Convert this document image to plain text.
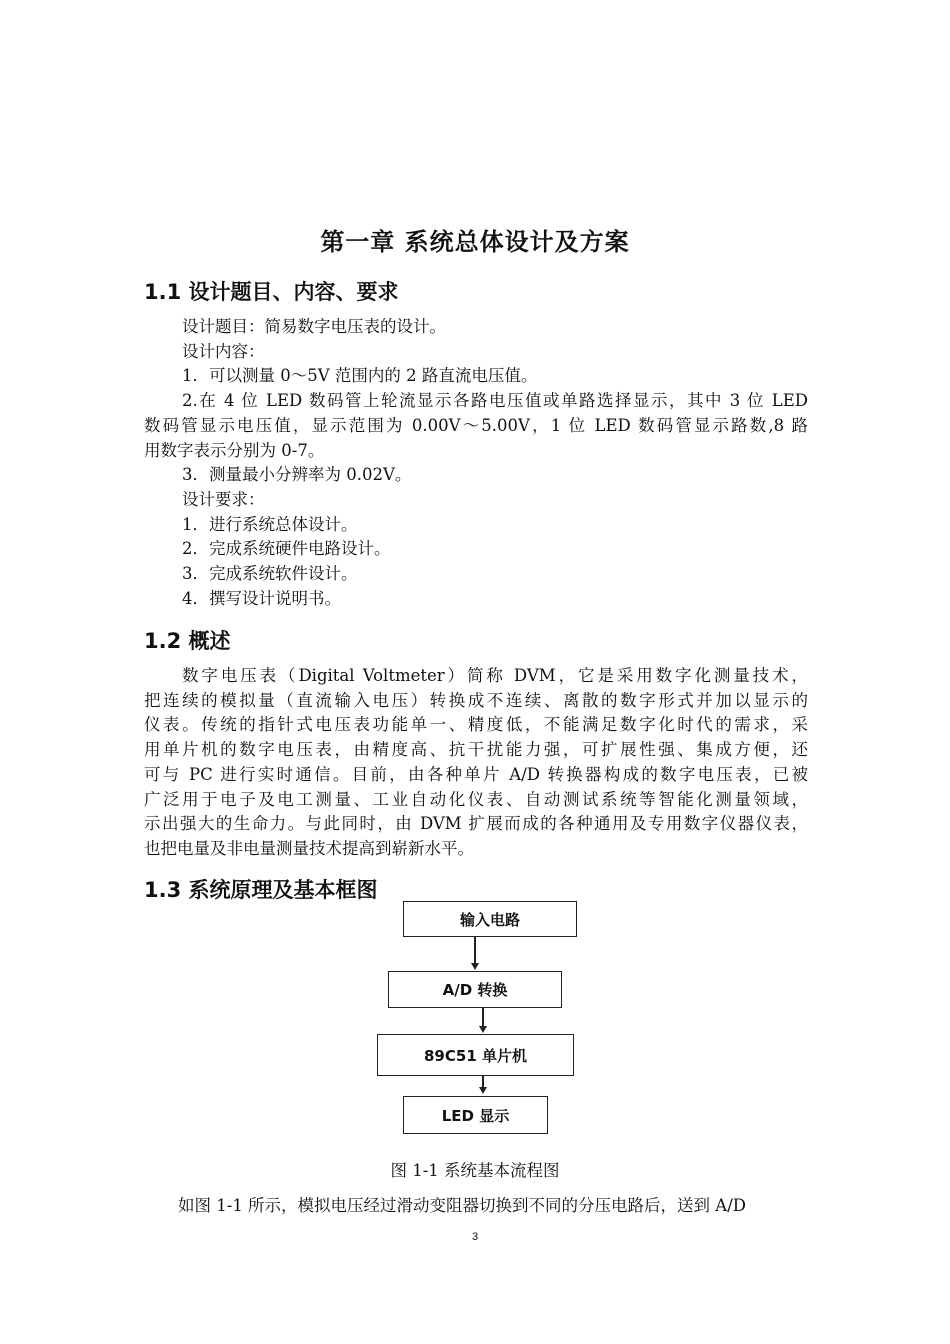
第一章 系统总体设计及方案
1.1 设计题目、内容、要求

设计题目：简易数字电压表的设计。

设计内容：

1．可以测量 0～5V 范围内的 2 路直流电压值。

2.在 4 位 LED 数码管上轮流显示各路电压值或单路选择显示，其中 3 位 LED

数码管显示电压值，显示范围为 0.00V～5.00V，1 位 LED 数码管显示路数,8 路

用数字表示分别为 0-7。

3．测量最小分辨率为 0.02V。

设计要求：

1．进行系统总体设计。

2．完成系统硬件电路设计。

3．完成系统软件设计。

4．撰写设计说明书。

1.2 概述

数字电压表（Digital Voltmeter）简称 DVM，它是采用数字化测量技术，

把连续的模拟量（直流输入电压）转换成不连续、离散的数字形式并加以显示的

仪表。传统的指针式电压表功能单一、精度低，不能满足数字化时代的需求，采

用单片机的数字电压表，由精度高、抗干扰能力强，可扩展性强、集成方便，还

可与 PC 进行实时通信。目前，由各种单片 A/D 转换器构成的数字电压表，已被

广泛用于电子及电工测量、工业自动化仪表、自动测试系统等智能化测量领域，

示出强大的生命力。与此同时，由 DVM 扩展而成的各种通用及专用数字仪器仪表，

也把电量及非电量测量技术提高到崭新水平。

1.3 系统原理及基本框图
输入电路
A/D 转换
89C51 单片机
LED 显示
图 1-1 系统基本流程图
如图 1-1 所示，模拟电压经过滑动变阻器切换到不同的分压电路后，送到 A/D
3
